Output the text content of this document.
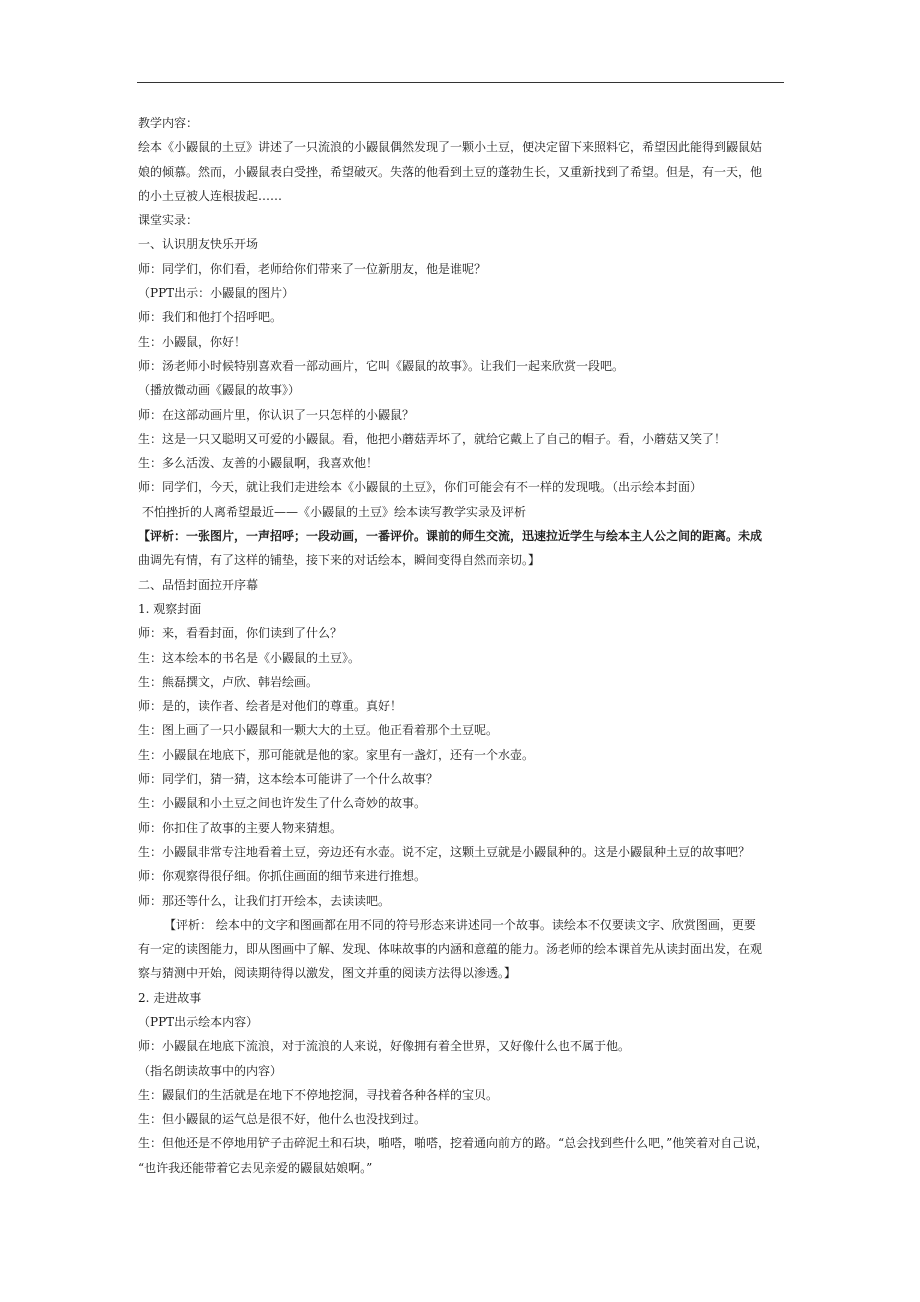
教学内容：
绘本《小鼹鼠的土豆》讲述了一只流浪的小鼹鼠偶然发现了一颗小土豆，便决定留下来照料它，希望因此能得到鼹鼠姑
娘的倾慕。然而，小鼹鼠表白受挫，希望破灭。失落的他看到土豆的蓬勃生长，又重新找到了希望。但是，有一天，他
的小土豆被人连根拔起……
课堂实录：
一、认识朋友快乐开场
师：同学们，你们看，老师给你们带来了一位新朋友，他是谁呢？
（PPT出示：小鼹鼠的图片）
师：我们和他打个招呼吧。
生：小鼹鼠，你好！
师：汤老师小时候特别喜欢看一部动画片，它叫《鼹鼠的故事》。让我们一起来欣赏一段吧。
（播放微动画《鼹鼠的故事》）
师：在这部动画片里，你认识了一只怎样的小鼹鼠？
生：这是一只又聪明又可爱的小鼹鼠。看，他把小蘑菇弄坏了，就给它戴上了自己的帽子。看，小蘑菇又笑了！
生：多么活泼、友善的小鼹鼠啊，我喜欢他！
师：同学们，今天，就让我们走进绘本《小鼹鼠的土豆》，你们可能会有不一样的发现哦。（出示绘本封面）
不怕挫折的人离希望最近——《小鼹鼠的土豆》绘本读写教学实录及评析
【评析：一张图片，一声招呼；一段动画，一番评价。课前的师生交流，迅速拉近学生与绘本主人公之间的距离。未成
曲调先有情，有了这样的铺垫，接下来的对话绘本，瞬间变得自然而亲切。】
二、品悟封面拉开序幕
1. 观察封面
师：来，看看封面，你们读到了什么？
生：这本绘本的书名是《小鼹鼠的土豆》。
生：熊磊撰文，卢欣、韩岩绘画。
师：是的，读作者、绘者是对他们的尊重。真好！
生：图上画了一只小鼹鼠和一颗大大的土豆。他正看着那个土豆呢。
生：小鼹鼠在地底下，那可能就是他的家。家里有一盏灯，还有一个水壶。
师：同学们，猜一猜，这本绘本可能讲了一个什么故事？
生：小鼹鼠和小土豆之间也许发生了什么奇妙的故事。
师：你扣住了故事的主要人物来猜想。
生：小鼹鼠非常专注地看着土豆，旁边还有水壶。说不定，这颗土豆就是小鼹鼠种的。这是小鼹鼠种土豆的故事吧？
师：你观察得很仔细。你抓住画面的细节来进行推想。
师：那还等什么，让我们打开绘本，去读读吧。
【评析： 绘本中的文字和图画都在用不同的符号形态来讲述同一个故事。读绘本不仅要读文字、欣赏图画，更要
有一定的读图能力，即从图画中了解、发现、体味故事的内涵和意蕴的能力。汤老师的绘本课首先从读封面出发，在观
察与猜测中开始，阅读期待得以激发，图文并重的阅读方法得以渗透。】
2. 走进故事
（PPT出示绘本内容）
师：小鼹鼠在地底下流浪，对于流浪的人来说，好像拥有着全世界，又好像什么也不属于他。
（指名朗读故事中的内容）
生：鼹鼠们的生活就是在地下不停地挖洞，寻找着各种各样的宝贝。
生：但小鼹鼠的运气总是很不好，他什么也没找到过。
生：但他还是不停地用铲子击碎泥土和石块，啪嗒，啪嗒，挖着通向前方的路。“总会找到些什么吧，”他笑着对自己说，
“也许我还能带着它去见亲爱的鼹鼠姑娘啊。”
